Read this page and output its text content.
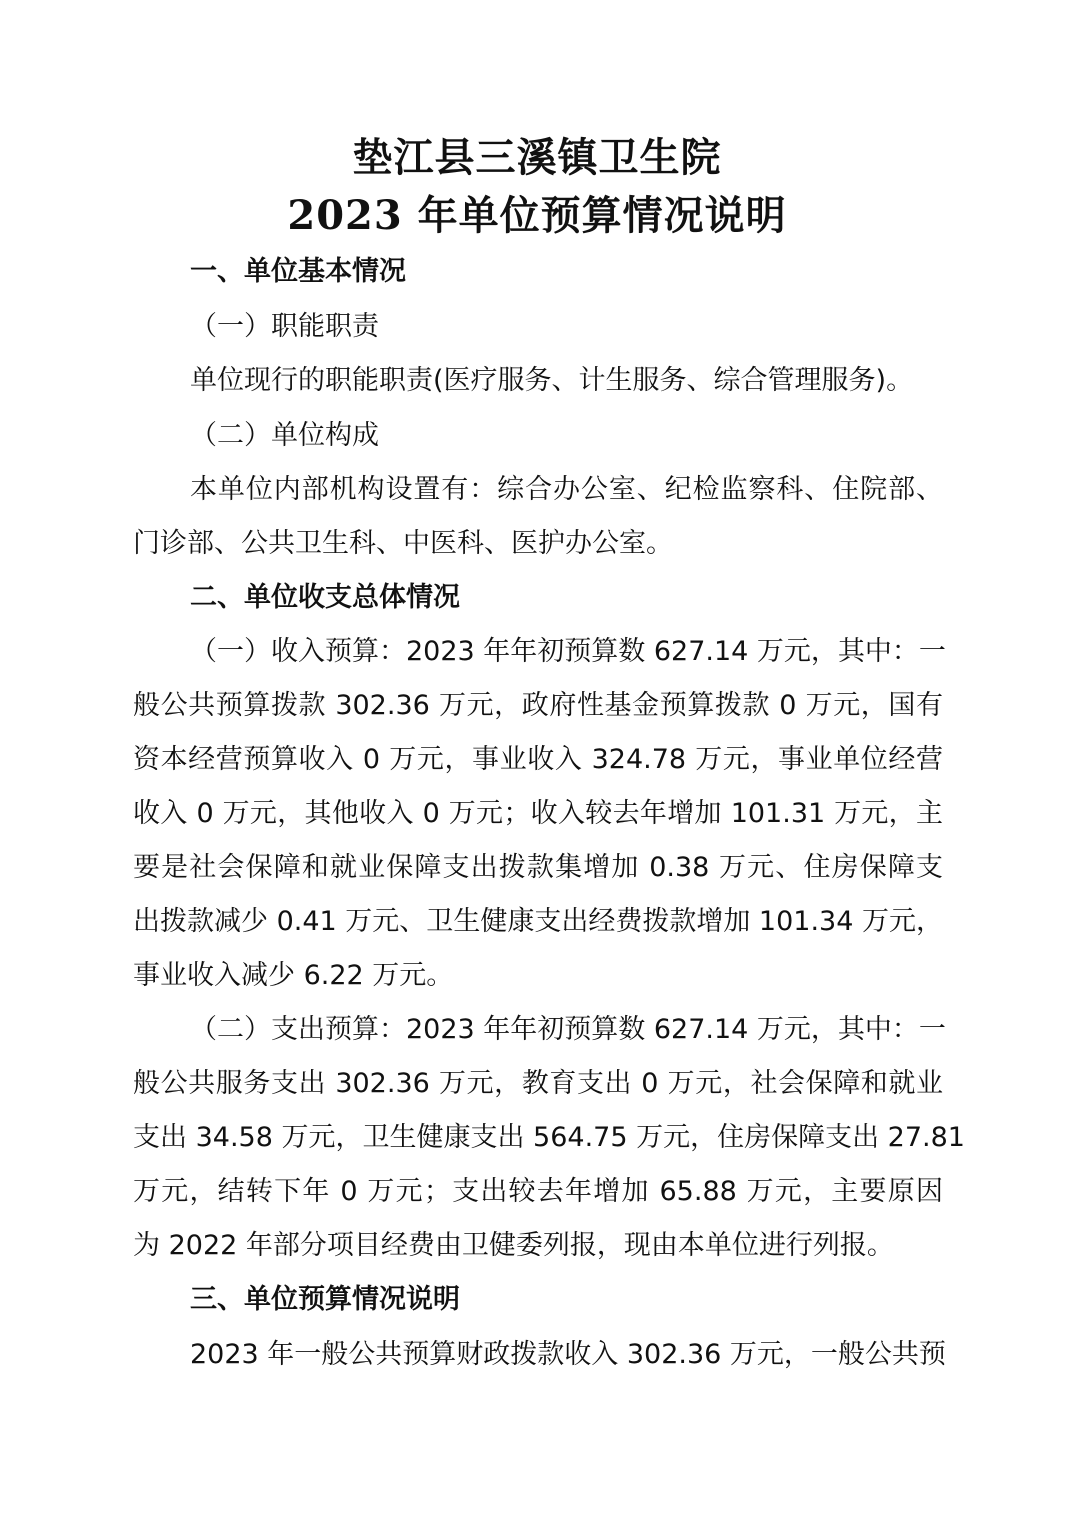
垫江县三溪镇卫生院
2023 年单位预算情况说明
一、单位基本情况
（一）职能职责
单位现行的职能职责(医疗服务、计生服务、综合管理服务)。
（二）单位构成
本单位内部机构设置有：综合办公室、纪检监察科、住院部、
门诊部、公共卫生科、中医科、医护办公室。
二、单位收支总体情况
（一）收入预算：2023 年年初预算数 627.14 万元，其中：一
般公共预算拨款 302.36 万元，政府性基金预算拨款 0 万元，国有
资本经营预算收入 0 万元，事业收入 324.78 万元，事业单位经营
收入 0 万元，其他收入 0 万元；收入较去年增加 101.31 万元，主
要是社会保障和就业保障支出拨款集增加 0.38 万元、住房保障支
出拨款减少 0.41 万元、卫生健康支出经费拨款增加 101.34 万元，
事业收入减少 6.22 万元。
（二）支出预算：2023 年年初预算数 627.14 万元，其中：一
般公共服务支出 302.36 万元，教育支出 0 万元，社会保障和就业
支出 34.58 万元，卫生健康支出 564.75 万元，住房保障支出 27.81
万元，结转下年 0 万元；支出较去年增加 65.88 万元，主要原因
为 2022 年部分项目经费由卫健委列报，现由本单位进行列报。
三、单位预算情况说明
2023 年一般公共预算财政拨款收入 302.36 万元，一般公共预
